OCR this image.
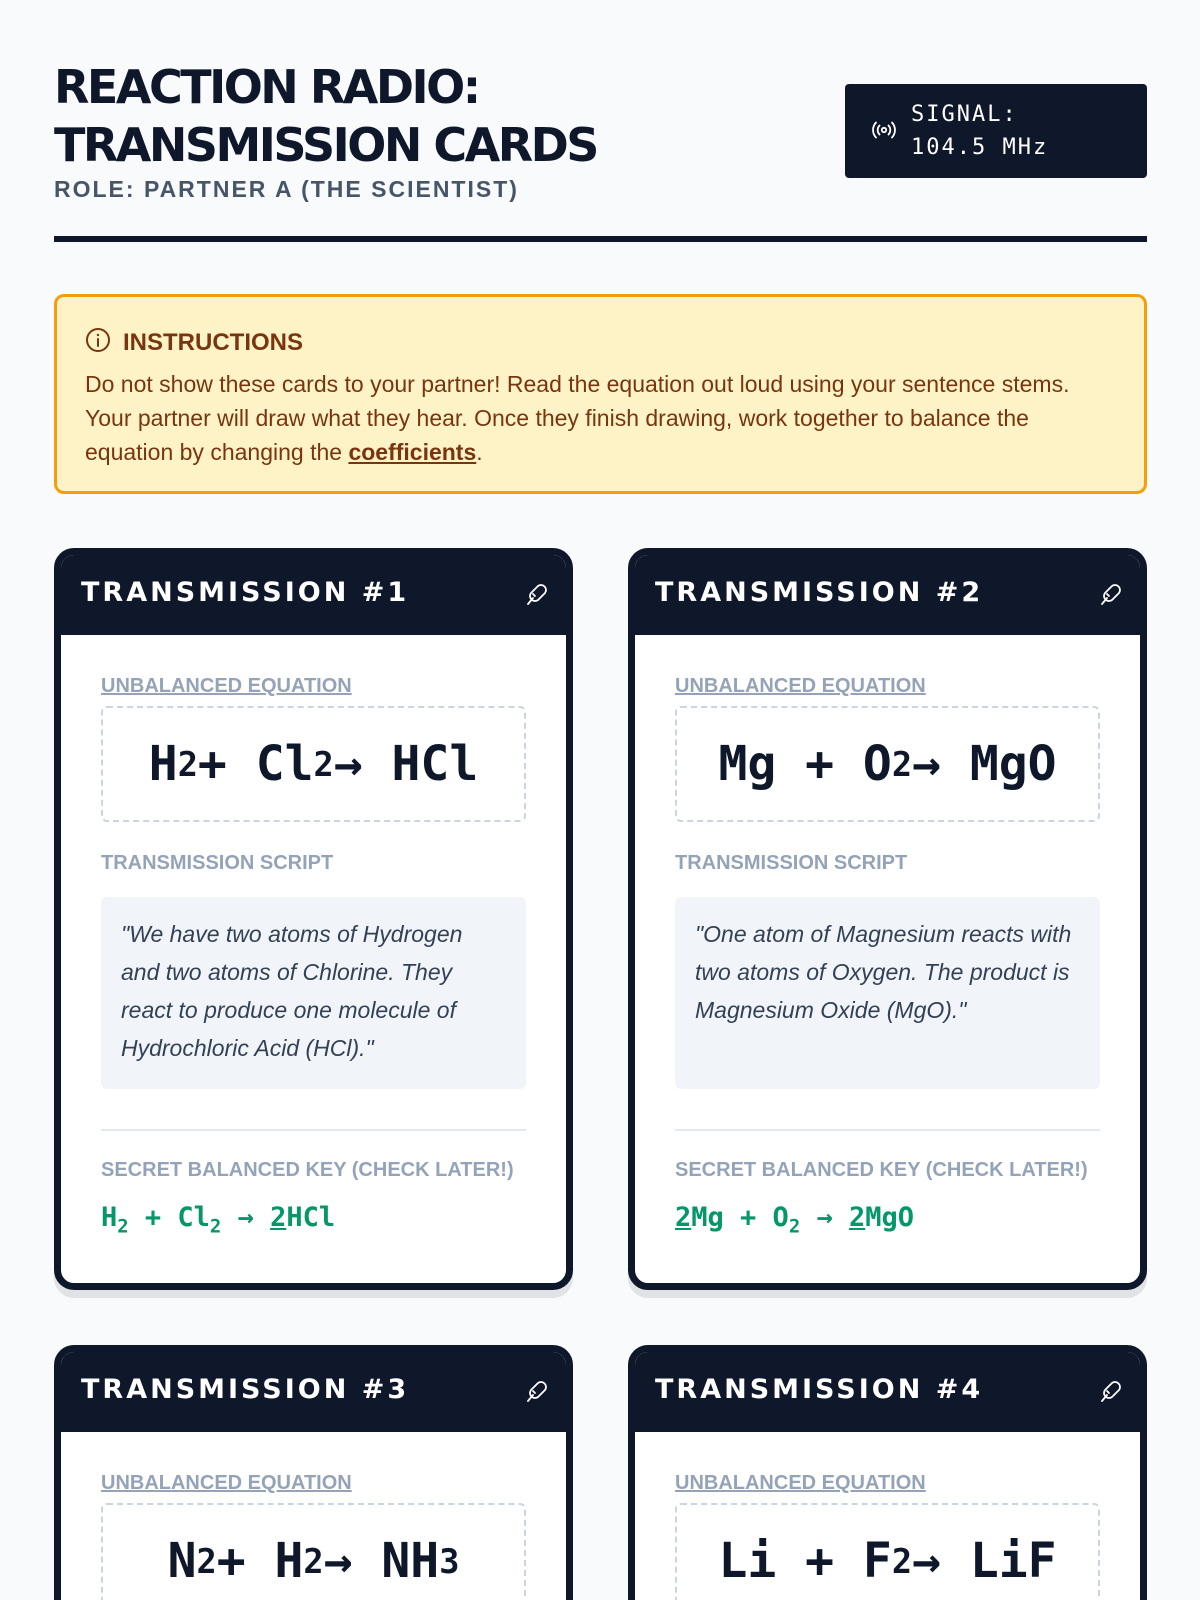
REACTION RADIO:
TRANSMISSION CARDS
ROLE: PARTNER A (THE SCIENTIST)
SIGNAL:
104.5 MHz
INSTRUCTIONS
Do not show these cards to your partner! Read the equation out loud using your sentence stems. Your partner will draw what they hear. Once they finish drawing, work together to balance the equation by changing the coefficients.
TRANSMISSION #1
UNBALANCED EQUATION
H 2 + Cl 2 → HCl
TRANSMISSION SCRIPT
"We have two atoms of Hydrogen and two atoms of Chlorine. They react to produce one molecule of Hydrochloric Acid (HCl)."
SECRET BALANCED KEY (CHECK LATER!)
$H_2 + Cl_2 \to 2HCl$
TRANSMISSION #2
UNBALANCED EQUATION
Mg + O 2 → MgO
TRANSMISSION SCRIPT
"One atom of Magnesium reacts with two atoms of Oxygen. The product is Magnesium Oxide (MgO)."
SECRET BALANCED KEY (CHECK LATER!)
$2Mg + O_2 \to 2MgO$
TRANSMISSION #3
UNBALANCED EQUATION
N 2 + H 2 → NH 3
TRANSMISSION #4
UNBALANCED EQUATION
Li + F 2 → LiF
